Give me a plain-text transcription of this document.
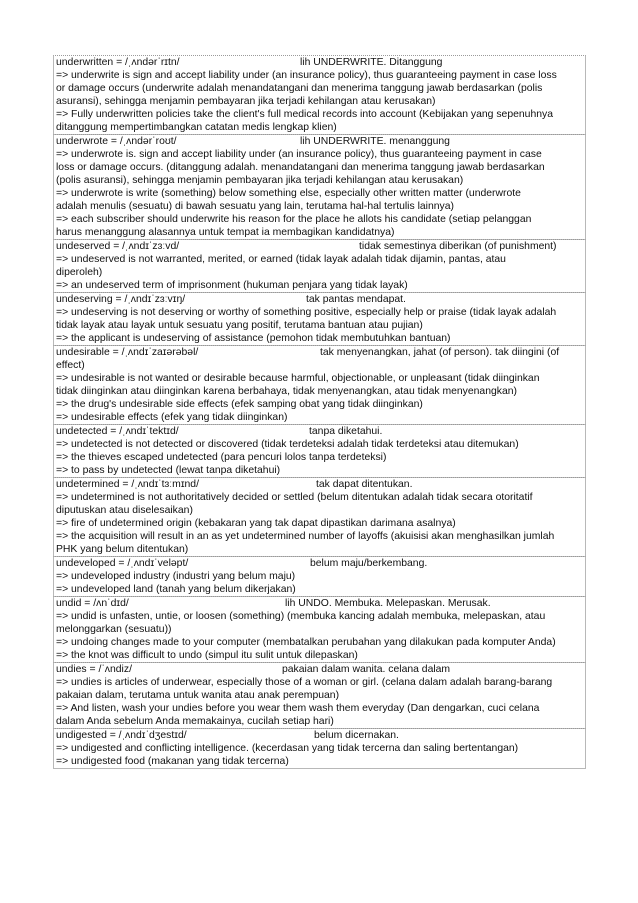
underwritten = /ˌʌndərˈrɪtn/	lih UNDERWRITE. Ditanggung
=> underwrite is sign and accept liability under (an insurance policy), thus guaranteeing payment in case loss
or damage occurs (underwrite adalah menandatangani dan menerima tanggung jawab berdasarkan (polis
asuransi), sehingga menjamin pembayaran jika terjadi kehilangan atau kerusakan)
=> Fully underwritten policies take the client's full medical records into account (Kebijakan yang sepenuhnya
ditanggung mempertimbangkan catatan medis lengkap klien)
underwrote = /ˌʌndərˈroʊt/	lih UNDERWRITE. menanggung
=> underwrote is. sign and accept liability under (an insurance policy), thus guaranteeing payment in case
loss or damage occurs. (ditanggung adalah. menandatangani dan menerima tanggung jawab berdasarkan
(polis asuransi), sehingga menjamin pembayaran jika terjadi kehilangan atau kerusakan)
=> underwrote is write (something) below something else, especially other written matter (underwrote
adalah menulis (sesuatu) di bawah sesuatu yang lain, terutama hal-hal tertulis lainnya)
=> each subscriber should underwrite his reason for the place he allots his candidate (setiap pelanggan
harus menanggung alasannya untuk tempat ia membagikan kandidatnya)
undeserved = /ˌʌndɪˈzɜːvd/	tidak semestinya diberikan (of punishment)
=> undeserved is not warranted, merited, or earned (tidak layak adalah tidak dijamin, pantas, atau
diperoleh)
=> an undeserved term of imprisonment (hukuman penjara yang tidak layak)
undeserving = /ˌʌndɪˈzɜːvɪŋ/	tak pantas mendapat.
=> undeserving is not deserving or worthy of something positive, especially help or praise (tidak layak adalah
tidak layak atau layak untuk sesuatu yang positif, terutama bantuan atau pujian)
=> the applicant is undeserving of assistance (pemohon tidak membutuhkan bantuan)
undesirable = /ˌʌndɪˈzaɪərəbəl/	tak menyenangkan, jahat (of person). tak diingini (of
effect)
=> undesirable is not wanted or desirable because harmful, objectionable, or unpleasant (tidak diinginkan
tidak diinginkan atau diinginkan karena berbahaya, tidak menyenangkan, atau tidak menyenangkan)
=> the drug's undesirable side effects (efek samping obat yang tidak diinginkan)
=> undesirable effects (efek yang tidak diinginkan)
undetected = /ˌʌndɪˈtektɪd/	tanpa diketahui.
=> undetected is not detected or discovered (tidak terdeteksi adalah tidak terdeteksi atau ditemukan)
=> the thieves escaped undetected (para pencuri lolos tanpa terdeteksi)
=> to pass by undetected (lewat tanpa diketahui)
undetermined = /ˌʌndɪˈtɜːmɪnd/	tak dapat ditentukan.
=> undetermined is not authoritatively decided or settled (belum ditentukan adalah tidak secara otoritatif
diputuskan atau diselesaikan)
=> fire of undetermined origin (kebakaran yang tak dapat dipastikan darimana asalnya)
=> the acquisition will result in an as yet undetermined number of layoffs (akuisisi akan menghasilkan jumlah
PHK yang belum ditentukan)
undeveloped = /ˌʌndɪˈveləpt/	belum maju/berkembang.
=> undeveloped industry (industri yang belum maju)
=> undeveloped land (tanah yang belum dikerjakan)
undid = /ʌnˈdɪd/	lih UNDO. Membuka. Melepaskan. Merusak.
=> undid is unfasten, untie, or loosen (something) (membuka kancing adalah membuka, melepaskan, atau
melonggarkan (sesuatu))
=> undoing changes made to your computer (membatalkan perubahan yang dilakukan pada komputer Anda)
=> the knot was difficult to undo (simpul itu sulit untuk dilepaskan)
undies = /ˈʌndiz/	pakaian dalam wanita. celana dalam
=> undies is articles of underwear, especially those of a woman or girl. (celana dalam adalah barang-barang
pakaian dalam, terutama untuk wanita atau anak perempuan)
=> And listen, wash your undies before you wear them wash them everyday (Dan dengarkan, cuci celana
dalam Anda sebelum Anda memakainya, cucilah setiap hari)
undigested = /ˌʌndɪˈdʒestɪd/	belum dicernakan.
=> undigested and conflicting intelligence. (kecerdasan yang tidak tercerna dan saling bertentangan)
=> undigested food (makanan yang tidak tercerna)
